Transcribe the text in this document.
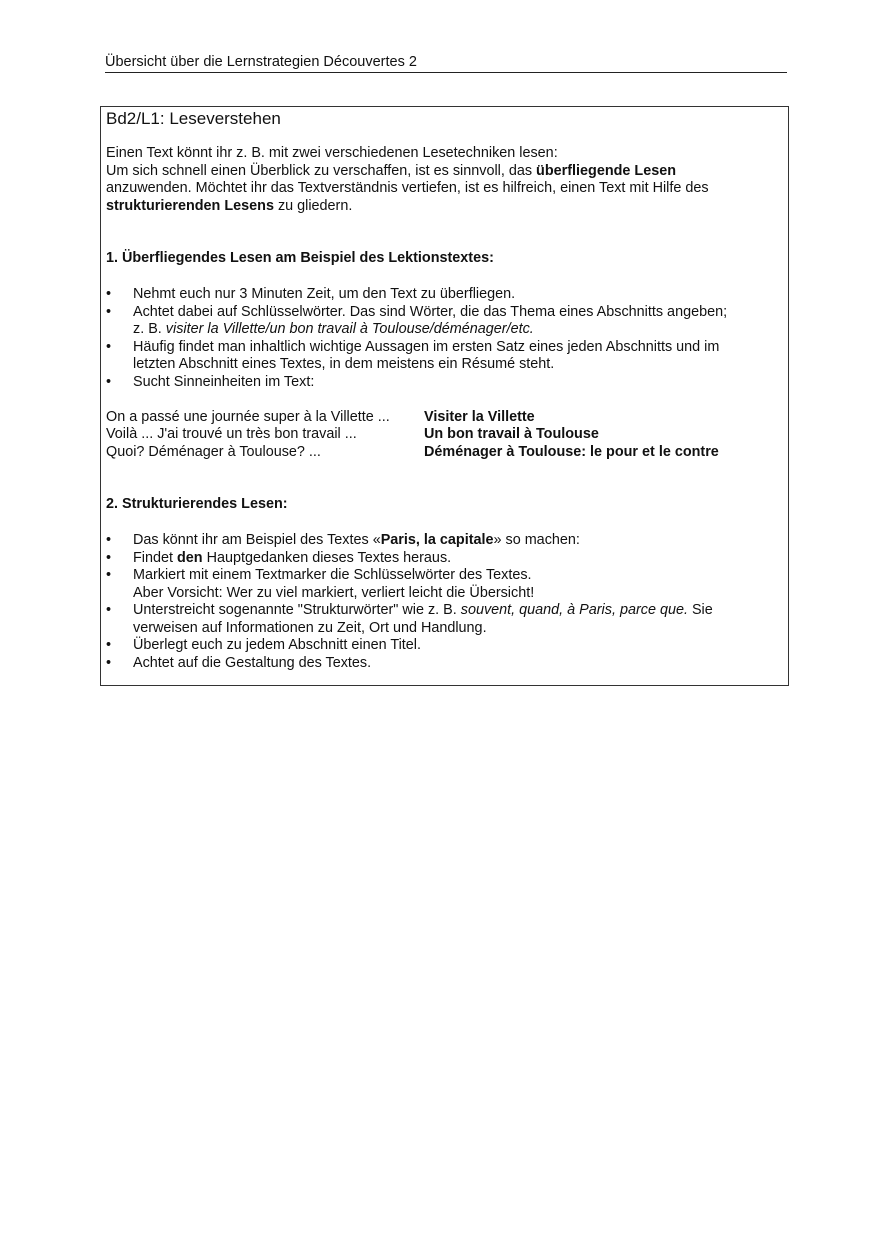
Übersicht über die Lernstrategien Découvertes 2
Bd2/L1: Leseverstehen

Einen Text könnt ihr z. B. mit zwei verschiedenen Lesetechniken lesen:
Um sich schnell einen Überblick zu verschaffen, ist es sinnvoll, das überfliegende Lesen
anzuwenden. Möchtet ihr das Textverständnis vertiefen, ist es hilfreich, einen Text mit Hilfe des
strukturierenden Lesens zu gliedern.

1. Überfliegendes Lesen am Beispiel des Lektionstextes:

• Nehmt euch nur 3 Minuten Zeit, um den Text zu überfliegen.
• Achtet dabei auf Schlüsselwörter. Das sind Wörter, die das Thema eines Abschnitts angeben;
z. B. visiter la Villette/un bon travail à Toulouse/déménager/etc.
• Häufig findet man inhaltlich wichtige Aussagen im ersten Satz eines jeden Abschnitts und im
letzten Abschnitt eines Textes, in dem meistens ein Résumé steht.
• Sucht Sinneinheiten im Text:
On a passé une journée super à la Villette ...	Visiter la Villette
Voilà ... J'ai trouvé un très bon travail ...	Un bon travail à Toulouse
Quoi? Déménager à Toulouse? ...	Déménager à Toulouse: le pour et le contre

2. Strukturierendes Lesen:

• Das könnt ihr am Beispiel des Textes «Paris, la capitale» so machen:
• Findet den Hauptgedanken dieses Textes heraus.
• Markiert mit einem Textmarker die Schlüsselwörter des Textes.
Aber Vorsicht: Wer zu viel markiert, verliert leicht die Übersicht!
• Unterstreicht sogenannte "Strukturwörter" wie z. B. souvent, quand, à Paris, parce que. Sie
verweisen auf Informationen zu Zeit, Ort und Handlung.
• Überlegt euch zu jedem Abschnitt einen Titel.
• Achtet auf die Gestaltung des Textes.
